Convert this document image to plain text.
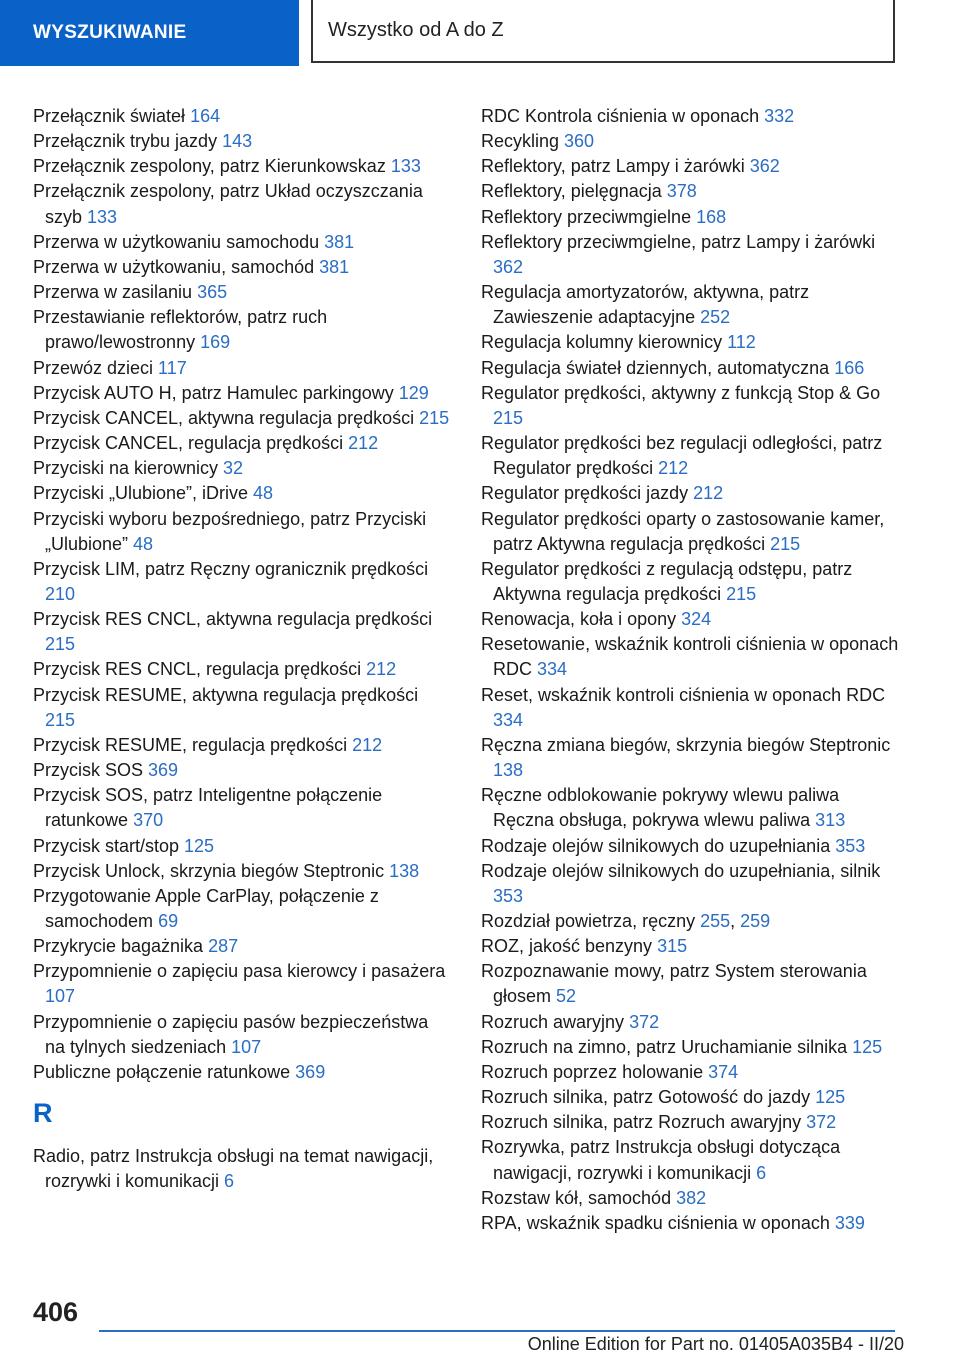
WYSZUKIWANIE	Wszystko od A do Z
Przełącznik świateł 164
Przełącznik trybu jazdy 143
Przełącznik zespolony, patrz Kierunkowskaz 133
Przełącznik zespolony, patrz Układ oczyszczania szyb 133
Przerwa w użytkowaniu samochodu 381
Przerwa w użytkowaniu, samochód 381
Przerwa w zasilaniu 365
Przestawianie reflektorów, patrz ruch prawo/lewostronny 169
Przewóz dzieci 117
Przycisk AUTO H, patrz Hamulec parkingowy 129
Przycisk CANCEL, aktywna regulacja prędkości 215
Przycisk CANCEL, regulacja prędkości 212
Przyciski na kierownicy 32
Przyciski „Ulubione”, iDrive 48
Przyciski wyboru bezpośredniego, patrz Przyciski „Ulubione” 48
Przycisk LIM, patrz Ręczny ogranicznik prędkości 210
Przycisk RES CNCL, aktywna regulacja prędkości 215
Przycisk RES CNCL, regulacja prędkości 212
Przycisk RESUME, aktywna regulacja prędkości 215
Przycisk RESUME, regulacja prędkości 212
Przycisk SOS 369
Przycisk SOS, patrz Inteligentne połączenie ratunkowe 370
Przycisk start/stop 125
Przycisk Unlock, skrzynia biegów Steptronic 138
Przygotowanie Apple CarPlay, połączenie z samochodem 69
Przykrycie bagażnika 287
Przypomnienie o zapięciu pasa kierowcy i pasażera 107
Przypomnienie o zapięciu pasów bezpieczeństwa na tylnych siedzeniach 107
Publiczne połączenie ratunkowe 369
R
Radio, patrz Instrukcja obsługi na temat nawigacji, rozrywki i komunikacji 6
RDC Kontrola ciśnienia w oponach 332
Recykling 360
Reflektory, patrz Lampy i żarówki 362
Reflektory, pielęgnacja 378
Reflektory przeciwmgielne 168
Reflektory przeciwmgielne, patrz Lampy i żarówki 362
Regulacja amortyzatorów, aktywna, patrz Zawieszenie adaptacyjne 252
Regulacja kolumny kierownicy 112
Regulacja świateł dziennych, automatyczna 166
Regulator prędkości, aktywny z funkcją Stop & Go 215
Regulator prędkości bez regulacji odległości, patrz Regulator prędkości 212
Regulator prędkości jazdy 212
Regulator prędkości oparty o zastosowanie kamer, patrz Aktywna regulacja prędkości 215
Regulator prędkości z regulacją odstępu, patrz Aktywna regulacja prędkości 215
Renowacja, koła i opony 324
Resetowanie, wskaźnik kontroli ciśnienia w oponach RDC 334
Reset, wskaźnik kontroli ciśnienia w oponach RDC 334
Ręczna zmiana biegów, skrzynia biegów Steptronic 138
Ręczne odblokowanie pokrywy wlewu paliwa Ręczna obsługa, pokrywa wlewu paliwa 313
Rodzaje olejów silnikowych do uzupełniania 353
Rodzaje olejów silnikowych do uzupełniania, silnik 353
Rozdział powietrza, ręczny 255, 259
ROZ, jakość benzyny 315
Rozpoznawanie mowy, patrz System sterowania głosem 52
Rozruch awaryjny 372
Rozruch na zimno, patrz Uruchamianie silnika 125
Rozruch poprzez holowanie 374
Rozruch silnika, patrz Gotowość do jazdy 125
Rozruch silnika, patrz Rozruch awaryjny 372
Rozrywka, patrz Instrukcja obsługi dotycząca nawigacji, rozrywki i komunikacji 6
Rozstaw kół, samochód 382
RPA, wskaźnik spadku ciśnienia w oponach 339
406
Online Edition for Part no. 01405A035B4 - II/20
